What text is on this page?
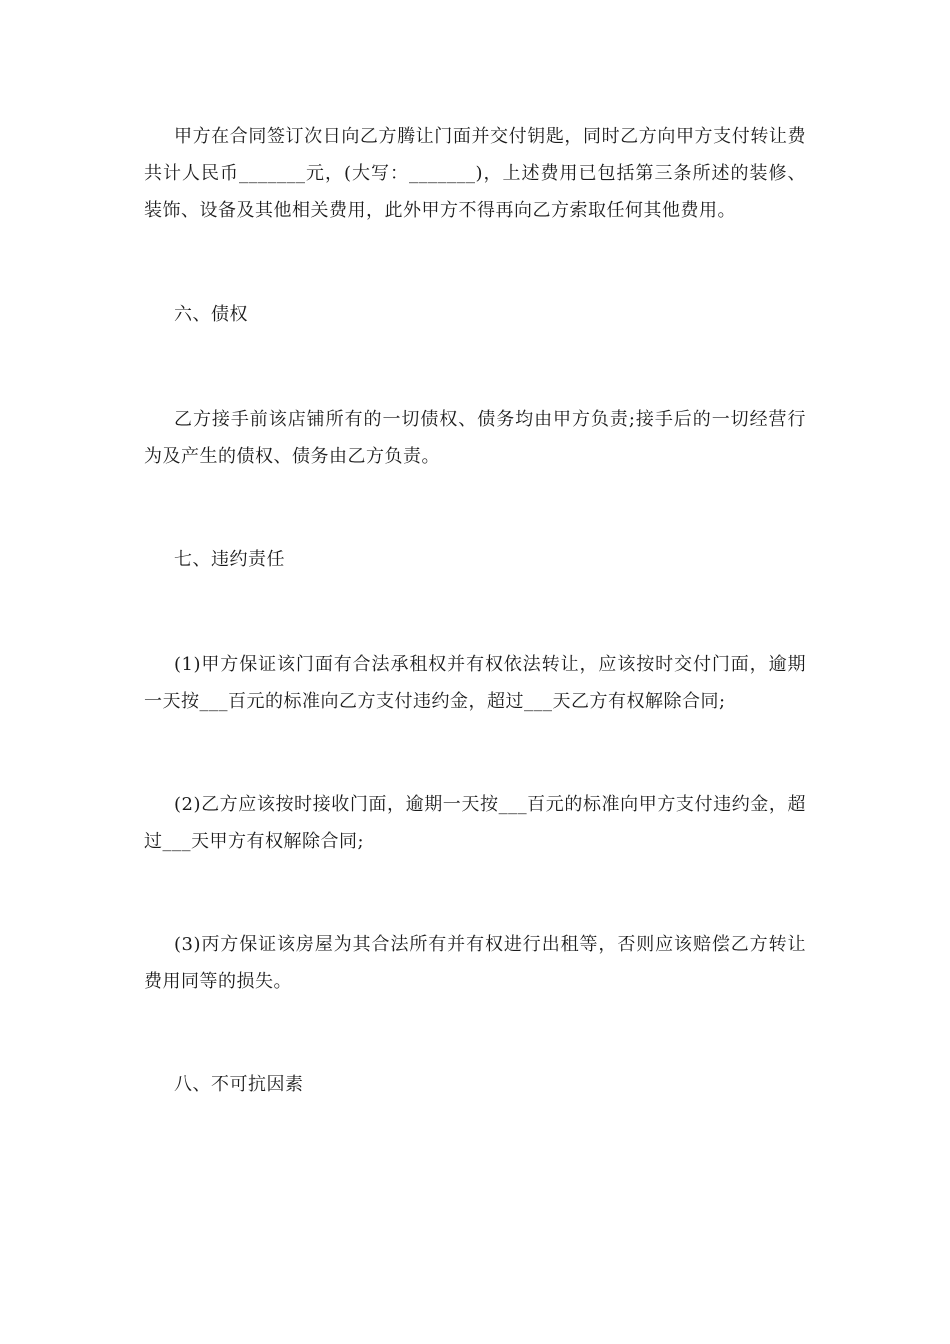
甲方在合同签订次日向乙方腾让门面并交付钥匙，同时乙方向甲方支付转让费共计人民币_______元，(大写：_______)，上述费用已包括第三条所述的装修、装饰、设备及其他相关费用，此外甲方不得再向乙方索取任何其他费用。

六、债权

乙方接手前该店铺所有的一切债权、债务均由甲方负责;接手后的一切经营行为及产生的债权、债务由乙方负责。

七、违约责任

(1)甲方保证该门面有合法承租权并有权依法转让，应该按时交付门面，逾期一天按___百元的标准向乙方支付违约金，超过___天乙方有权解除合同;

(2)乙方应该按时接收门面，逾期一天按___百元的标准向甲方支付违约金，超过___天甲方有权解除合同;

(3)丙方保证该房屋为其合法所有并有权进行出租等，否则应该赔偿乙方转让费用同等的损失。

八、不可抗因素
